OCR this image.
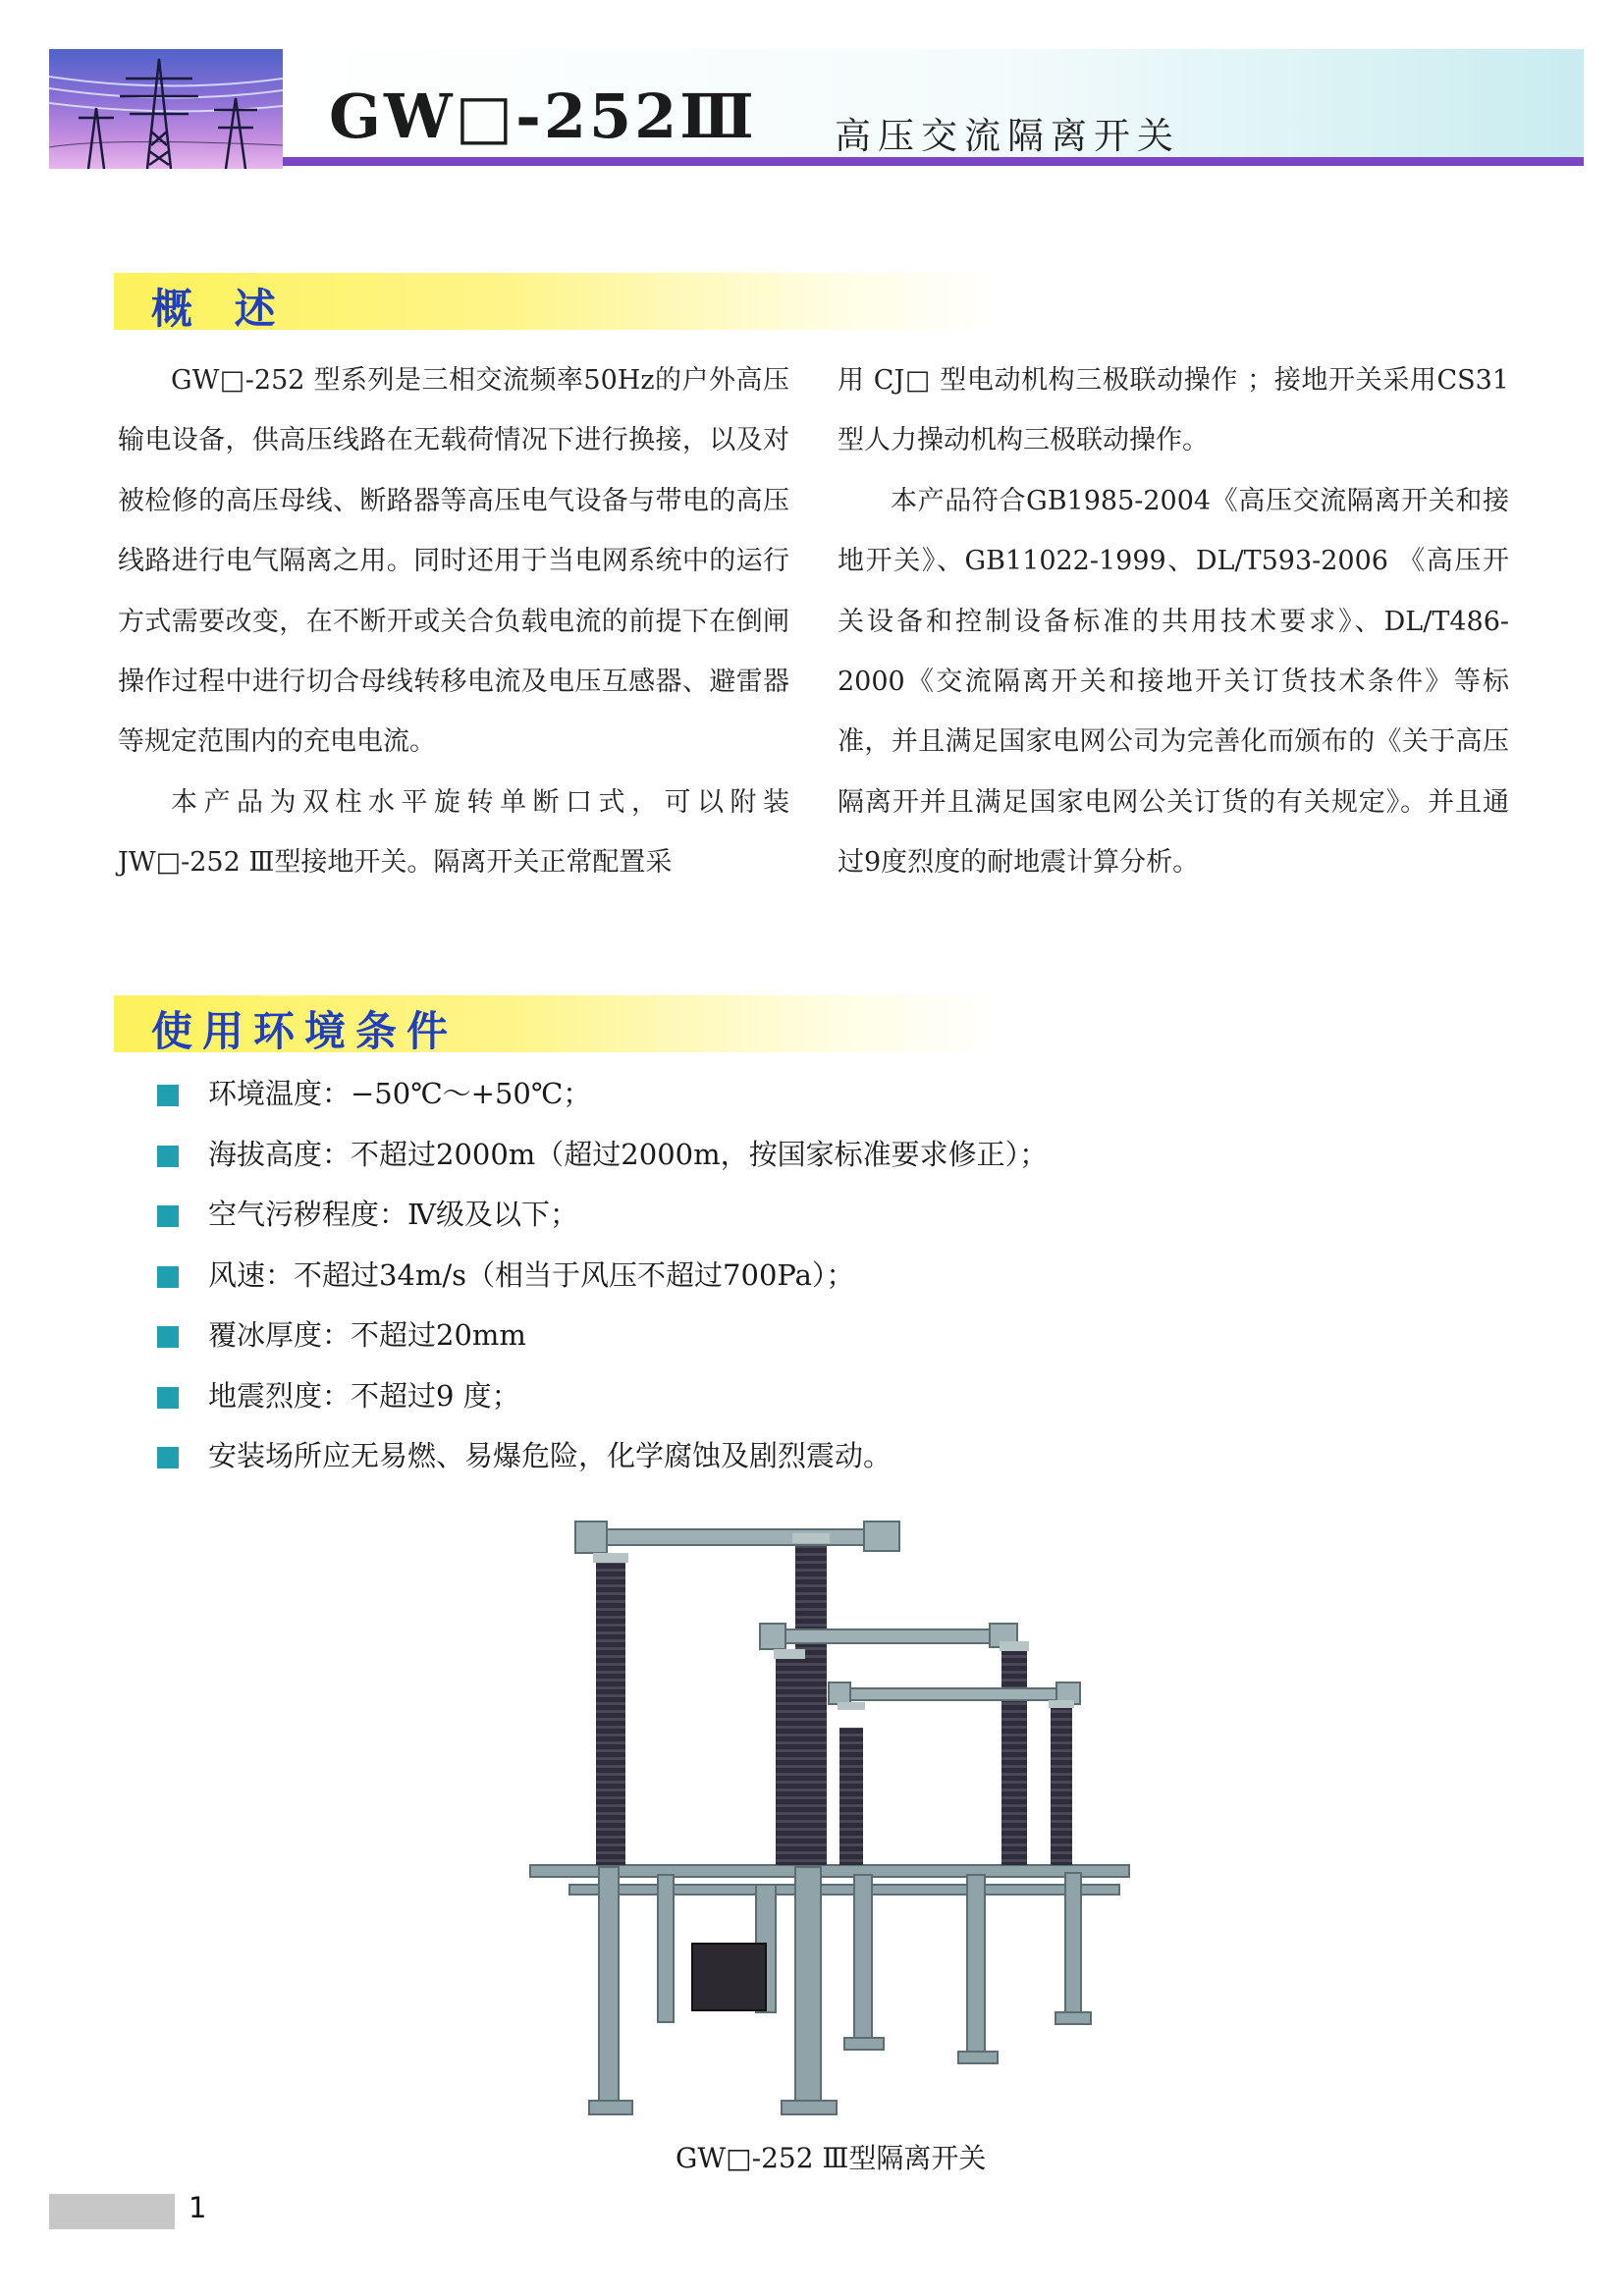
GW□-252Ⅲ 高压交流隔离开关
概 述

GW□-252 型系列是三相交流频率50Hz的户外高压输电设备，供高压线路在无载荷情况下进行换接，以及对被检修的高压母线、断路器等高压电气设备与带电的高压线路进行电气隔离之用。同时还用于当电网系统中的运行方式需要改变，在不断开或关合负载电流的前提下在倒闸操作过程中进行切合母线转移电流及电压互感器、避雷器等规定范围内的充电电流。

本产品为双柱水平旋转单断口式，可以附装JW□-252 Ⅲ型接地开关。隔离开关正常配置采

用 CJ□ 型电动机构三极联动操作 ；接地开关采用CS31 型人力操动机构三极联动操作。

本产品符合GB1985-2004《高压交流隔离开关和接地开关》、GB11022-1999、DL/T593-2006 《高压开关设备和控制设备标准的共用技术要求》、DL/T486-2000《交流隔离开关和接地开关订货技术条件》等标准，并且满足国家电网公司为完善化而颁布的《关于高压隔离开并且满足国家电网公关订货的有关规定》。并且通过9度烈度的耐地震计算分析。

使用环境条件
环境温度：−50℃～+50℃；
海拔高度：不超过2000m（超过2000m，按国家标准要求修正）；
空气污秽程度：Ⅳ级及以下；
风速：不超过34m/s（相当于风压不超过700Pa）；
覆冰厚度：不超过20mm
地震烈度：不超过9 度；
安装场所应无易燃、易爆危险，化学腐蚀及剧烈震动。
GW□-252 Ⅲ型隔离开关
1
